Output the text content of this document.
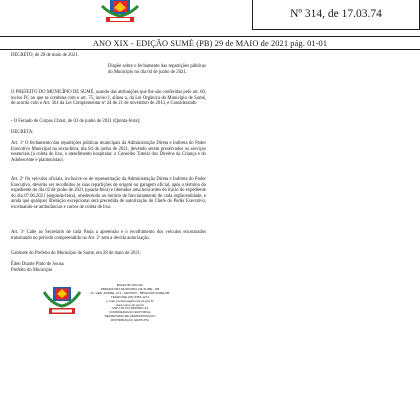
Nº 314, de 17.03.74
ANO XIX - EDIÇÃO SUMÉ (PB) 29 de MAIO de 2021 pág. 01-01

DECRETO, de 28 de maio de 2021.

Dispõe sobre o fechamento das repartições públicas do Município no dia 04 de junho de 2021.

O PREFEITO DO MUNICÍPIO DE SUMÉ, usando das atribuições que lhe são conferidas pelo art. 60, inciso IV, no que se combina com o art. 75, inciso I, alínea a, da Lei Orgânica do Município de Sumé, de acordo com o Art. 361 da Lei Complementar nº 24 de 21 de novembro de 2013, e Considerando

- O Feriado de Corpus Christ, de 03 de junho de 2021 (Quinta-feira);

DECRETA:

Art. 1º O fechamento das repartições públicas municipais da Administração Direta e Indireta do Poder Executivo Municipal na sexta-feira, dia 04 de junho de 2021, devendo serem preservados os serviços essenciais (a coleta do lixo, o atendimento hospitalar, o Conselho Tutelar dos Direitos da Criança e do Adolescente e plantonistas).

Art. 2º Os veículos oficiais, inclusive os de representação da Administração Direta e Indireta do Poder Executivo, deverão ser recolhidos às suas repartições de origem ou garagem oficial, após o término do expediente do dia 02 de junho de 2021 (quarta-feira) e liberados uma hora antes do início do expediente do dia 07.06.2021 (segunda-feira), obedecendo ao horário de funcionamento de cada órgão/entidade, e ainda que qualquer liberação excepcional será precedida de autorização do Chefe do Poder Executivo, excetuando-se ambulâncias e carros de coleta de lixo.

Art. 3º Cabe ao Secretário de cada Pasta a apreensão e o recolhimento dos veículos encontrados transitando no período compreendido no Art. 2º sem a devida autorização.

Gabinete do Prefeito do Município de Sumé, em 28 de maio de 2021.

Éden Duarte Pinto de Sousa

Prefeito do Município

BOLETIM OFICIAL
PREFEITURA MUNICIPAL DE SUMÉ - PB
Av. VER. ANDRÉ, 271 - CENTRO - 58540-000 SUMÉ-PB
TELEFONE (83) 3353-1274
e-mail: prefeitura@sume.pb.gov.br
www.sume.pb.gov.br
CNPJ 09.073.453/0001-13
COORDENAÇÃO EDITORIAL
SECRETARIA DE ADMINISTRAÇÃO
DISTRIBUIÇÃO GRATUITA
